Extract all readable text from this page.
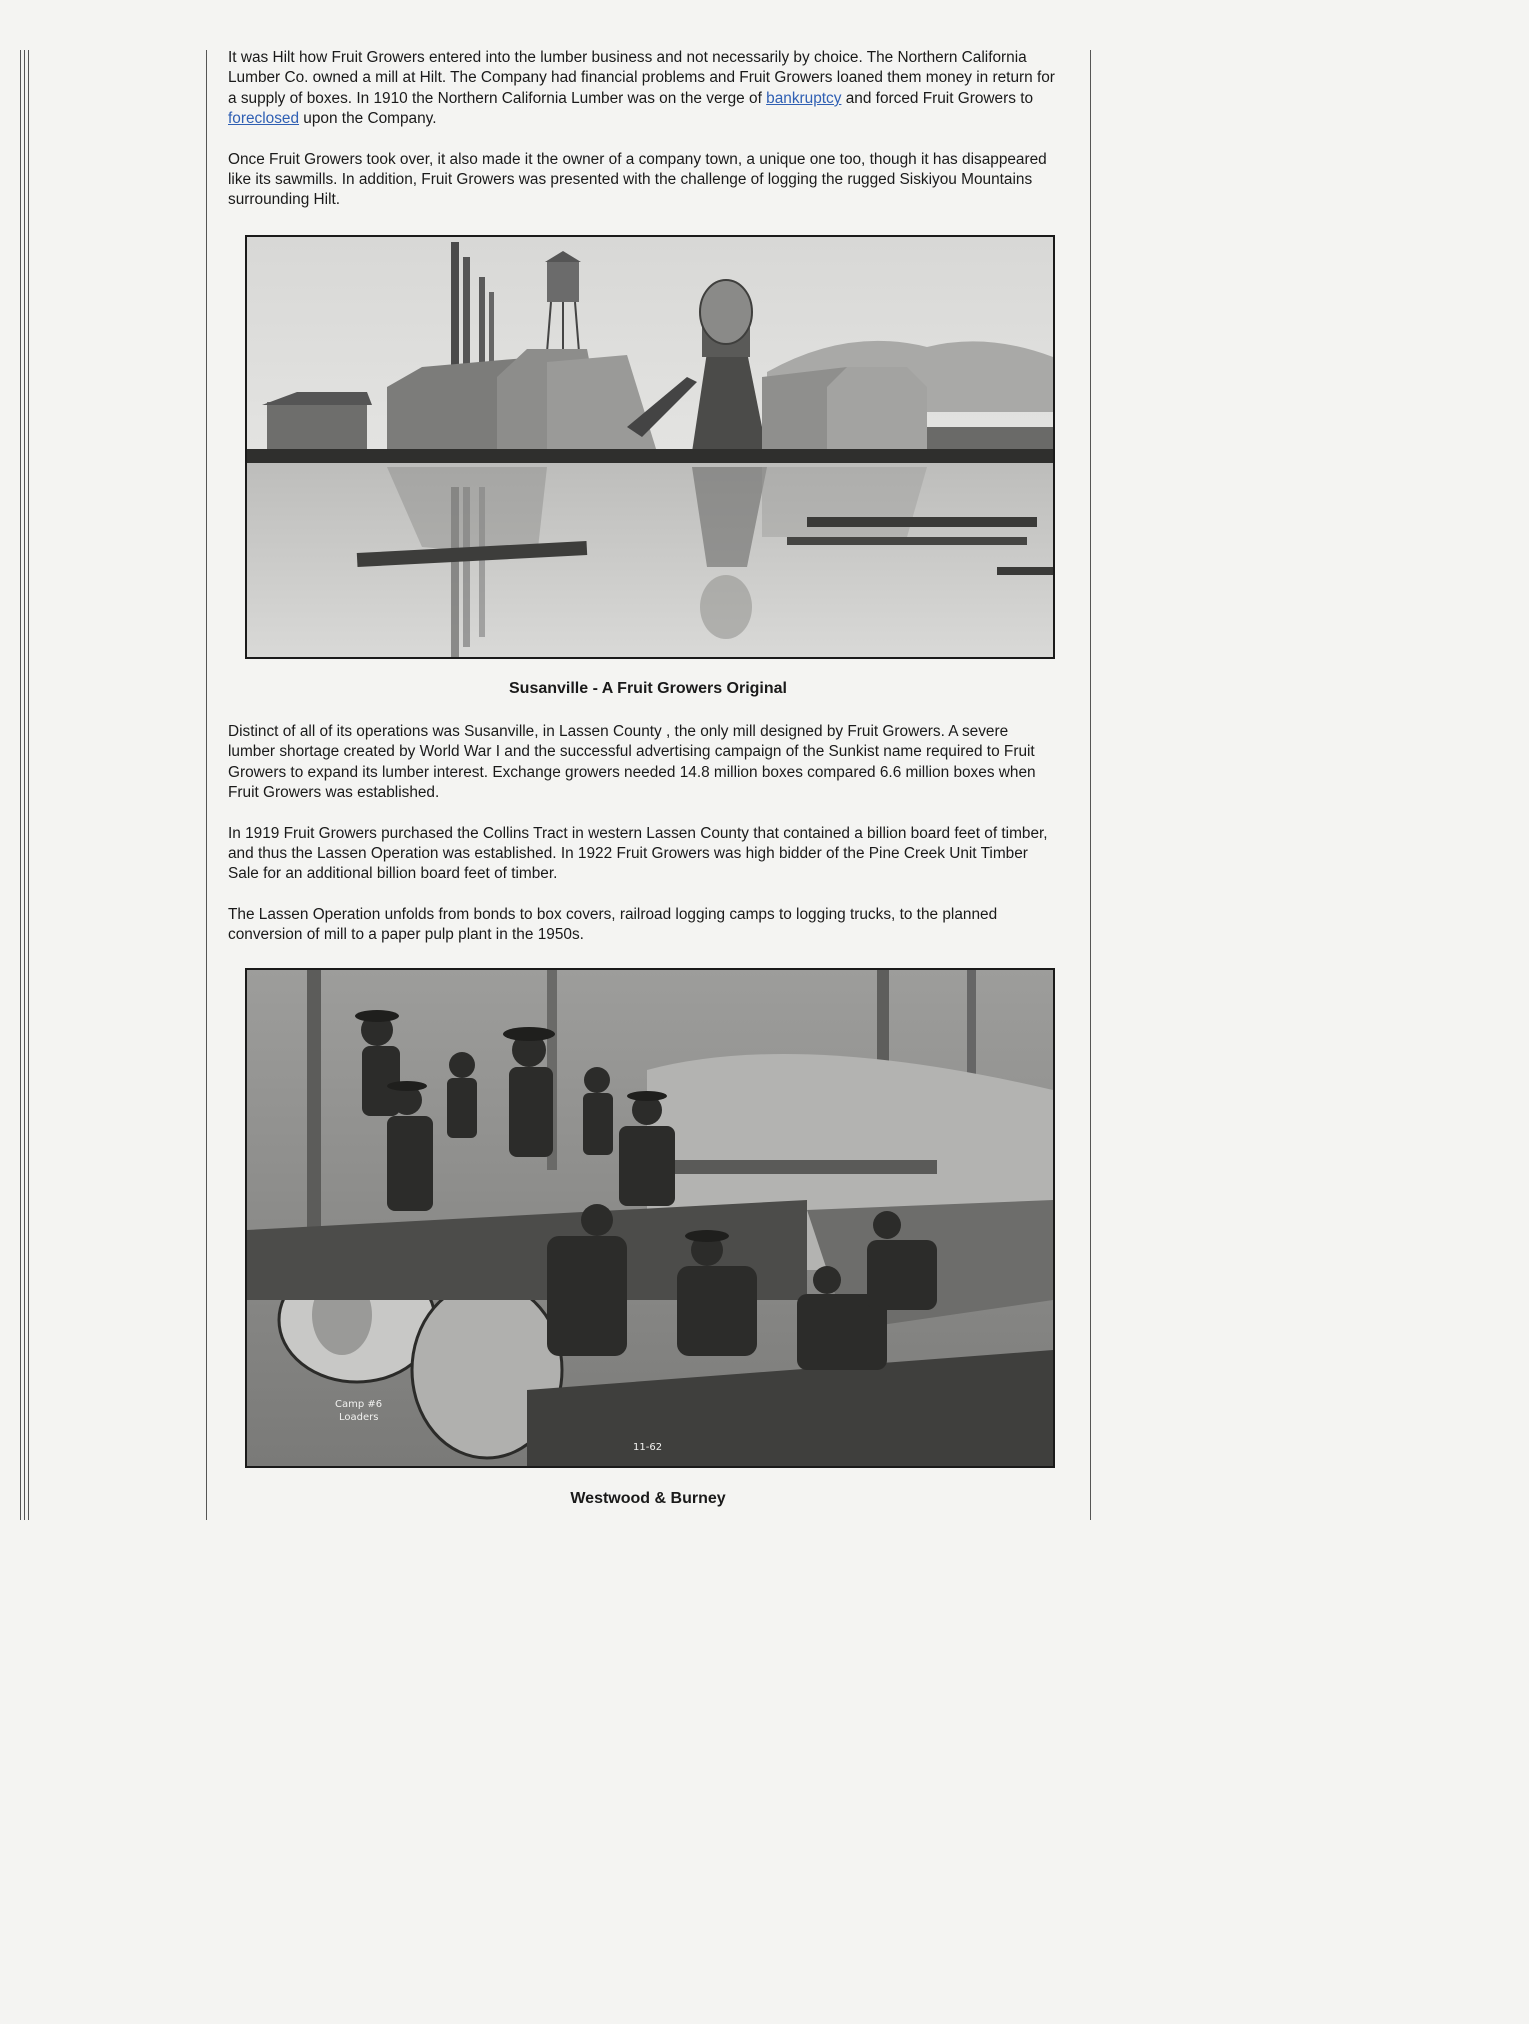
It was Hilt how Fruit Growers entered into the lumber business and not necessarily by choice. The Northern California Lumber Co. owned a mill at Hilt. The Company had financial problems and Fruit Growers loaned them money in return for a supply of boxes. In 1910 the Northern California Lumber was on the verge of bankruptcy and forced Fruit Growers to foreclosed upon the Company.

Once Fruit Growers took over, it also made it the owner of a company town, a unique one too, though it has disappeared like its sawmills. In addition, Fruit Growers was presented with the challenge of logging the rugged Siskiyou Mountains surrounding Hilt.

Susanville - A Fruit Growers Original

Distinct of all of its operations was Susanville, in Lassen County , the only mill designed by Fruit Growers. A severe lumber shortage created by World War I and the successful advertising campaign of the Sunkist name required to Fruit Growers to expand its lumber interest. Exchange growers needed 14.8 million boxes compared 6.6 million boxes when Fruit Growers was established.

In 1919 Fruit Growers purchased the Collins Tract in western Lassen County that contained a billion board feet of timber, and thus the Lassen Operation was established. In 1922 Fruit Growers was high bidder of the Pine Creek Unit Timber Sale for an additional billion board feet of timber.

The Lassen Operation unfolds from bonds to box covers, railroad logging camps to logging trucks, to the planned conversion of mill to a paper pulp plant in the 1950s.

Camp #6
Loaders
11-62
Westwood & Burney
